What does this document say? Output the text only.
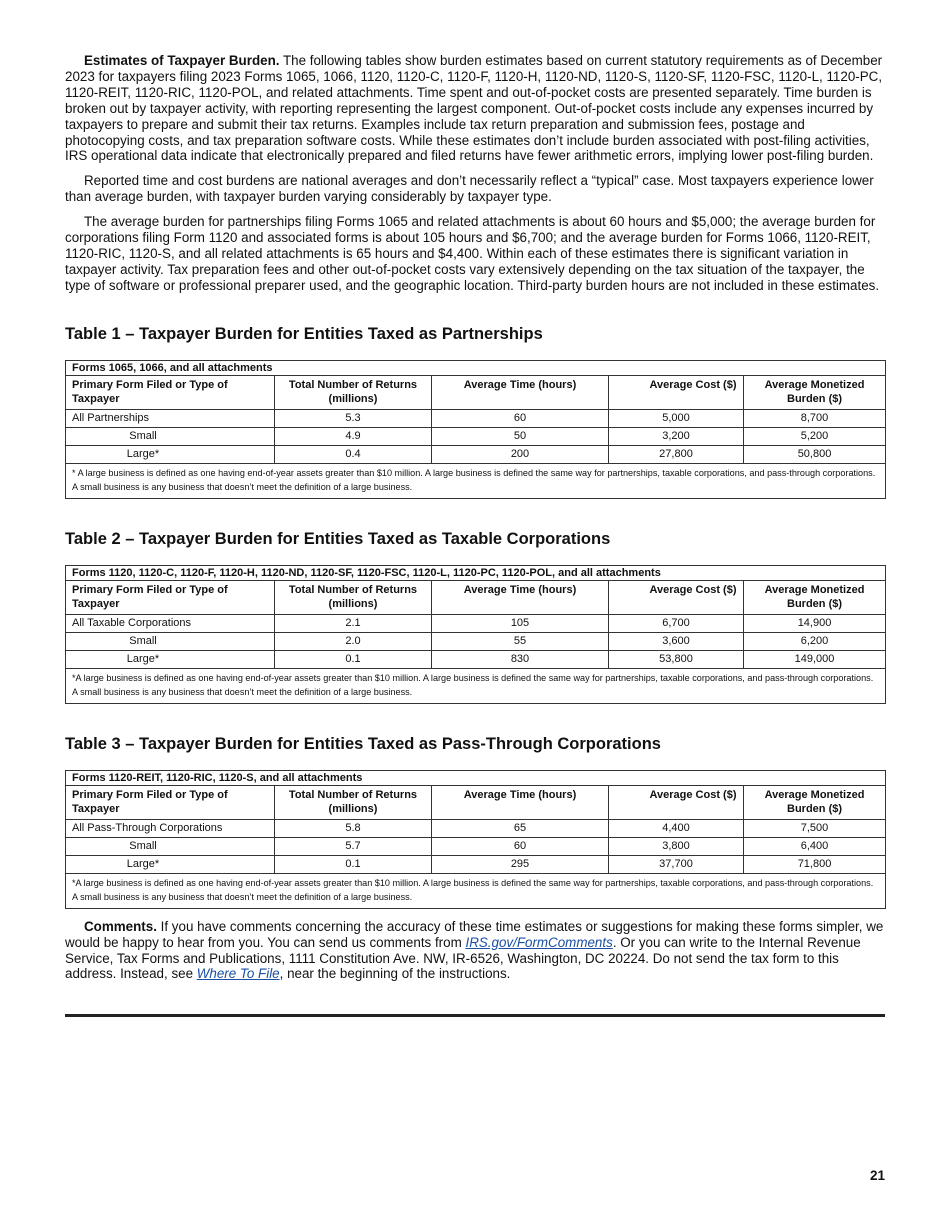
Estimates of Taxpayer Burden. The following tables show burden estimates based on current statutory requirements as of December 2023 for taxpayers filing 2023 Forms 1065, 1066, 1120, 1120-C, 1120-F, 1120-H, 1120-ND, 1120-S, 1120-SF, 1120-FSC, 1120-L, 1120-PC, 1120-REIT, 1120-RIC, 1120-POL, and related attachments. Time spent and out-of-pocket costs are presented separately. Time burden is broken out by taxpayer activity, with reporting representing the largest component. Out-of-pocket costs include any expenses incurred by taxpayers to prepare and submit their tax returns. Examples include tax return preparation and submission fees, postage and photocopying costs, and tax preparation software costs. While these estimates don’t include burden associated with post-filing activities, IRS operational data indicate that electronically prepared and filed returns have fewer arithmetic errors, implying lower post-filing burden.

Reported time and cost burdens are national averages and don’t necessarily reflect a “typical” case. Most taxpayers experience lower than average burden, with taxpayer burden varying considerably by taxpayer type.

The average burden for partnerships filing Forms 1065 and related attachments is about 60 hours and $5,000; the average burden for corporations filing Form 1120 and associated forms is about 105 hours and $6,700; and the average burden for Forms 1066, 1120-REIT, 1120-RIC, 1120-S, and all related attachments is 65 hours and $4,400. Within each of these estimates there is significant variation in taxpayer activity. Tax preparation fees and other out-of-pocket costs vary extensively depending on the tax situation of the taxpayer, the type of software or professional preparer used, and the geographic location. Third-party burden hours are not included in these estimates.

Table 1 – Taxpayer Burden for Entities Taxed as Partnerships
Forms 1065, 1066, and all attachments				
Primary Form Filed or Type of Taxpayer	Total Number of Returns (millions)	Average Time (hours)	Average Cost ($)	Average Monetized Burden ($)
All Partnerships	5.3	60	5,000	8,700
Small	4.9	50	3,200	5,200
Large*	0.4	200	27,800	50,800
* A large business is defined as one having end-of-year assets greater than $10 million. A large business is defined the same way for partnerships, taxable corporations, and pass-through corporations. A small business is any business that doesn’t meet the definition of a large business.				
Table 2 – Taxpayer Burden for Entities Taxed as Taxable Corporations
Forms 1120, 1120-C, 1120-F, 1120-H, 1120-ND, 1120-SF, 1120-FSC, 1120-L, 1120-PC, 1120-POL, and all attachments				
Primary Form Filed or Type of Taxpayer	Total Number of Returns (millions)	Average Time (hours)	Average Cost ($)	Average Monetized Burden ($)
All Taxable Corporations	2.1	105	6,700	14,900
Small	2.0	55	3,600	6,200
Large*	0.1	830	53,800	149,000
*A large business is defined as one having end-of-year assets greater than $10 million. A large business is defined the same way for partnerships, taxable corporations, and pass-through corporations. A small business is any business that doesn’t meet the definition of a large business.				
Table 3 – Taxpayer Burden for Entities Taxed as Pass-Through Corporations
Forms 1120-REIT, 1120-RIC, 1120-S, and all attachments				
Primary Form Filed or Type of Taxpayer	Total Number of Returns (millions)	Average Time (hours)	Average Cost ($)	Average Monetized Burden ($)
All Pass-Through Corporations	5.8	65	4,400	7,500
Small	5.7	60	3,800	6,400
Large*	0.1	295	37,700	71,800
*A large business is defined as one having end-of-year assets greater than $10 million. A large business is defined the same way for partnerships, taxable corporations, and pass-through corporations. A small business is any business that doesn’t meet the definition of a large business.				

Comments. If you have comments concerning the accuracy of these time estimates or suggestions for making these forms simpler, we would be happy to hear from you. You can send us comments from IRS.gov/FormComments. Or you can write to the Internal Revenue Service, Tax Forms and Publications, 1111 Constitution Ave. NW, IR-6526, Washington, DC 20224. Do not send the tax form to this address. Instead, see Where To File, near the beginning of the instructions.

21
